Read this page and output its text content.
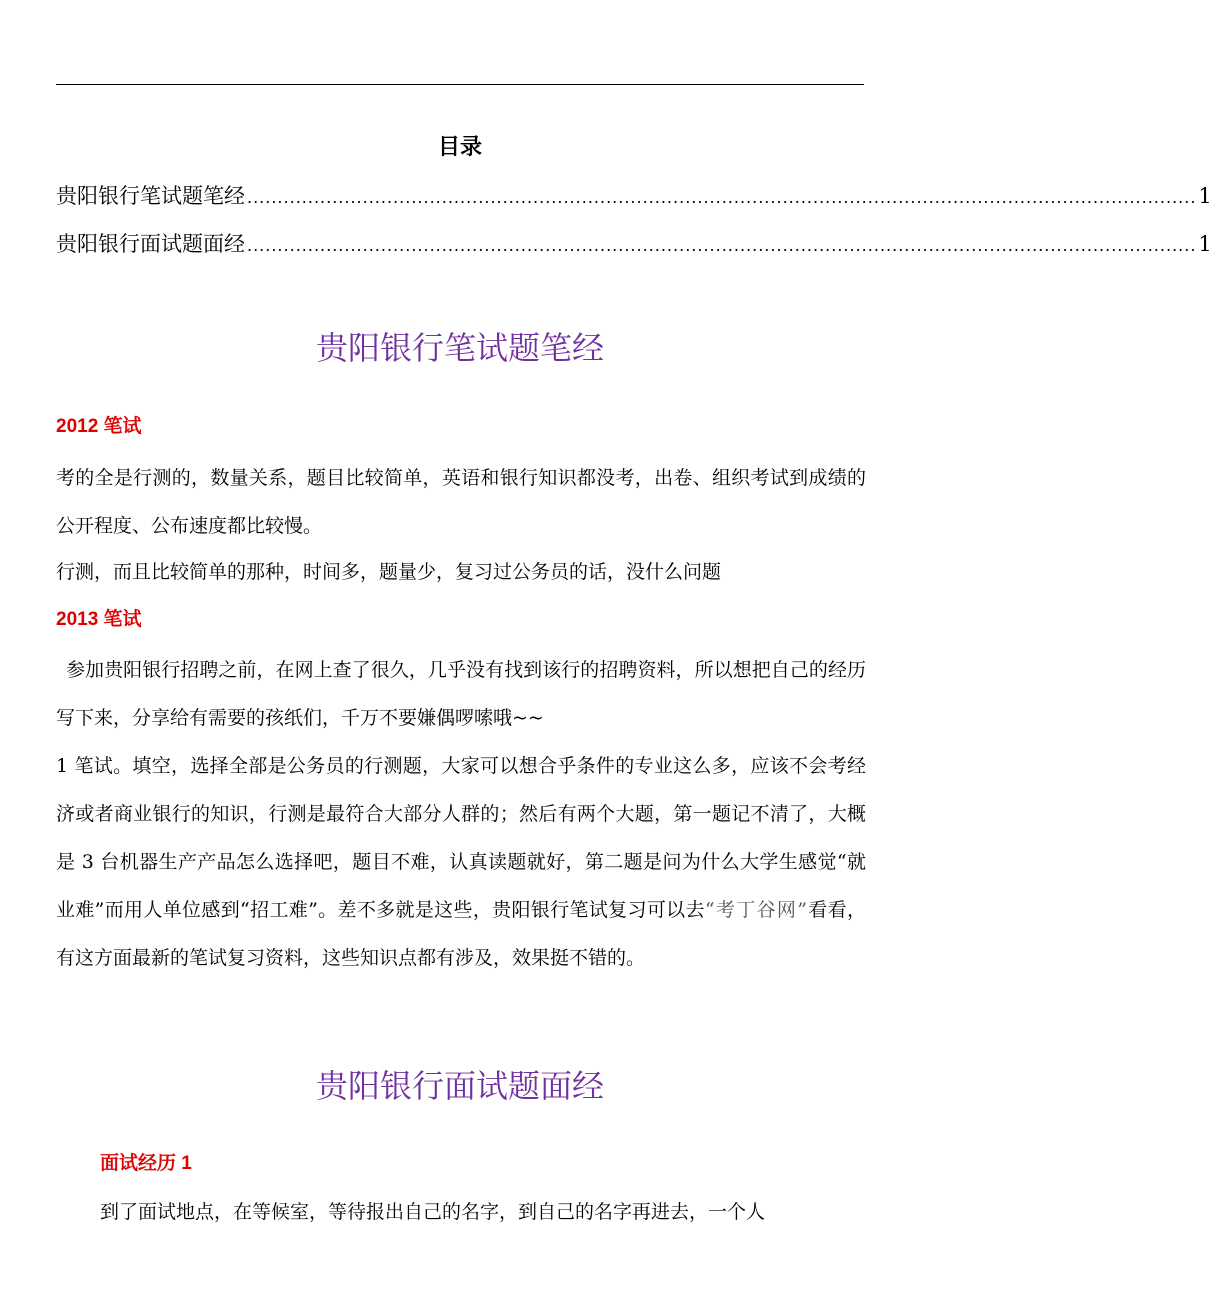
目录
贵阳银行笔试题笔经 ............................................................................................................................................................ 1
贵阳银行面试题面经 ............................................................................................................................................................ 1
贵阳银行笔试题笔经
2012 笔试
考的全是行测的，数量关系，题目比较简单，英语和银行知识都没考，出卷、组织考试到成绩的公开程度、公布速度都比较慢。
行测，而且比较简单的那种，时间多，题量少，复习过公务员的话，没什么问题
2013 笔试
参加贵阳银行招聘之前，在网上查了很久，几乎没有找到该行的招聘资料，所以想把自己的经历写下来，分享给有需要的孩纸们，千万不要嫌偶啰嗦哦~~
1 笔试。填空，选择全部是公务员的行测题，大家可以想合乎条件的专业这么多，应该不会考经济或者商业银行的知识，行测是最符合大部分人群的；然后有两个大题，第一题记不清了，大概是 3 台机器生产产品怎么选择吧，题目不难，认真读题就好，第二题是问为什么大学生感觉“就业难”而用人单位感到“招工难”。差不多就是这些，贵阳银行笔试复习可以去“考丁谷网”看看，有这方面最新的笔试复习资料，这些知识点都有涉及，效果挺不错的。
贵阳银行面试题面经
面试经历 1
到了面试地点，在等候室，等待报出自己的名字，到自己的名字再进去，一个人
